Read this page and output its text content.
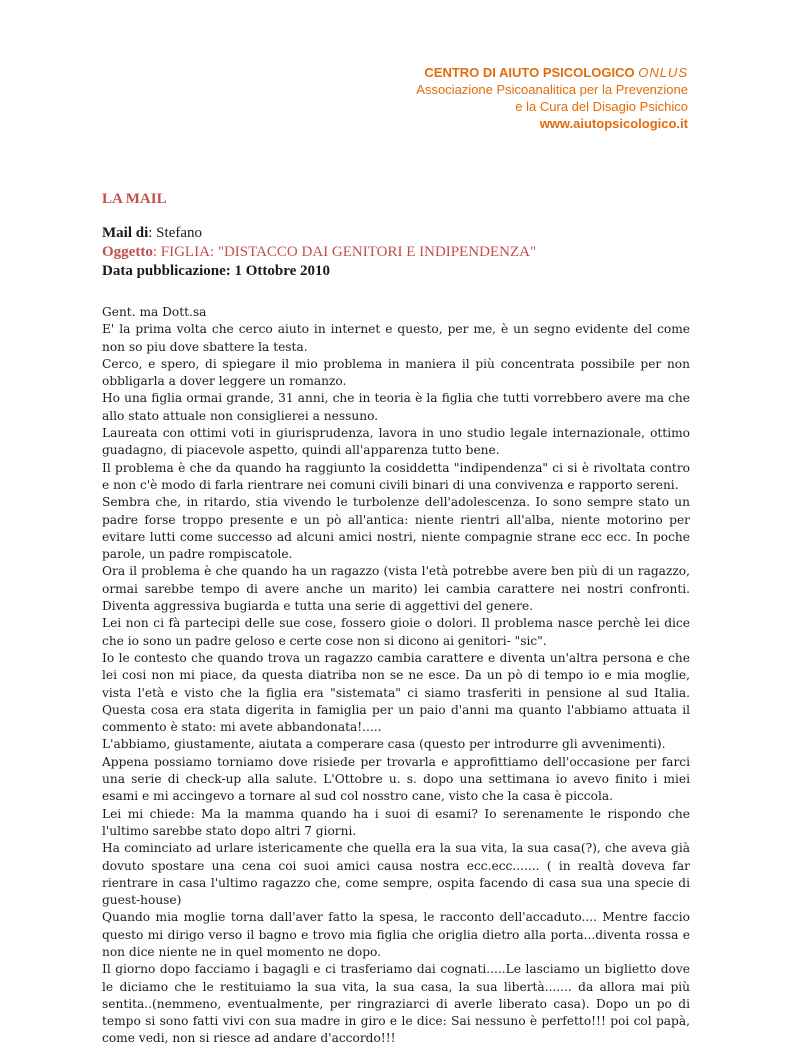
CENTRO DI AIUTO PSICOLOGICO ONLUS
Associazione Psicoanalitica per la Prevenzione
e la Cura del Disagio Psichico
www.aiutopsicologico.it
LA MAIL

Mail di: Stefano

Oggetto: FIGLIA: "DISTACCO DAI GENITORI E INDIPENDENZA"

Data pubblicazione: 1 Ottobre 2010

Gent. ma Dott.sa

E' la prima volta che cerco aiuto in internet e questo, per me, è un segno evidente del come non so piu dove sbattere la testa.

Cerco, e spero, di spiegare il mio problema in maniera il più concentrata possibile per non obbligarla a dover leggere un romanzo.

Ho una figlia ormai grande, 31 anni, che in teoria è la figlia che tutti vorrebbero avere ma che allo stato attuale non consiglierei a nessuno.

Laureata con ottimi voti in giurisprudenza, lavora in uno studio legale internazionale, ottimo guadagno, di piacevole aspetto, quindi all'apparenza tutto bene.

Il problema è che da quando ha raggiunto la cosiddetta "indipendenza" ci si è rivoltata contro e non c'è modo di farla rientrare nei comuni civili binari di una convivenza e rapporto sereni.

Sembra che, in ritardo, stia vivendo le turbolenze dell'adolescenza. Io sono sempre stato un padre forse troppo presente e un pò all'antica: niente rientri all'alba, niente motorino per evitare lutti come successo ad alcuni amici nostri, niente compagnie strane ecc ecc. In poche parole, un padre rompiscatole.

Ora il problema è che quando ha un ragazzo (vista l'età potrebbe avere ben più di un ragazzo, ormai sarebbe tempo di avere anche un marito) lei cambia carattere nei nostri confronti. Diventa aggressiva bugiarda e tutta una serie di aggettivi del genere.

Lei non ci fà partecipi delle sue cose, fossero gioie o dolori. Il problema nasce perchè lei dice che io sono un padre geloso e certe cose non si dicono ai genitori- "sic".

Io le contesto che quando trova un ragazzo cambia carattere e diventa un'altra persona e che lei cosi non mi piace, da questa diatriba non se ne esce. Da un pò di tempo io e mia moglie, vista l'età e visto che la figlia era "sistemata" ci siamo trasferiti in pensione al sud Italia. Questa cosa era stata digerita in famiglia per un paio d'anni ma quanto l'abbiamo attuata il commento è stato: mi avete abbandonata!.....

L'abbiamo, giustamente, aiutata a comperare casa (questo per introdurre gli avvenimenti).

Appena possiamo torniamo dove risiede per trovarla e approfittiamo dell'occasione per farci una serie di check-up alla salute. L'Ottobre u. s. dopo una settimana io avevo finito i miei esami e mi accingevo a tornare al sud col nosstro cane, visto che la casa è piccola.

Lei mi chiede: Ma la mamma quando ha i suoi di esami? Io serenamente le rispondo che l'ultimo sarebbe stato dopo altri 7 giorni.

Ha cominciato ad urlare istericamente che quella era la sua vita, la sua casa(?), che aveva già dovuto spostare una cena coi suoi amici causa nostra ecc.ecc....... ( in realtà doveva far rientrare in casa l'ultimo ragazzo che, come sempre, ospita facendo di casa sua una specie di guest-house)

Quando mia moglie torna dall'aver fatto la spesa, le racconto dell'accaduto.... Mentre faccio questo mi dirigo verso il bagno e trovo mia figlia che origlia dietro alla porta...diventa rossa e non dice niente ne in quel momento ne dopo.

Il giorno dopo facciamo i bagagli e ci trasferiamo dai cognati.....Le lasciamo un biglietto dove le diciamo che le restituiamo la sua vita, la sua casa, la sua libertà....... da allora mai più sentita..(nemmeno, eventualmente, per ringraziarci di averle liberato casa). Dopo un po di tempo si sono fatti vivi con sua madre in giro e le dice: Sai nessuno è perfetto!!! poi col papà, come vedi, non si riesce ad andare d'accordo!!!
